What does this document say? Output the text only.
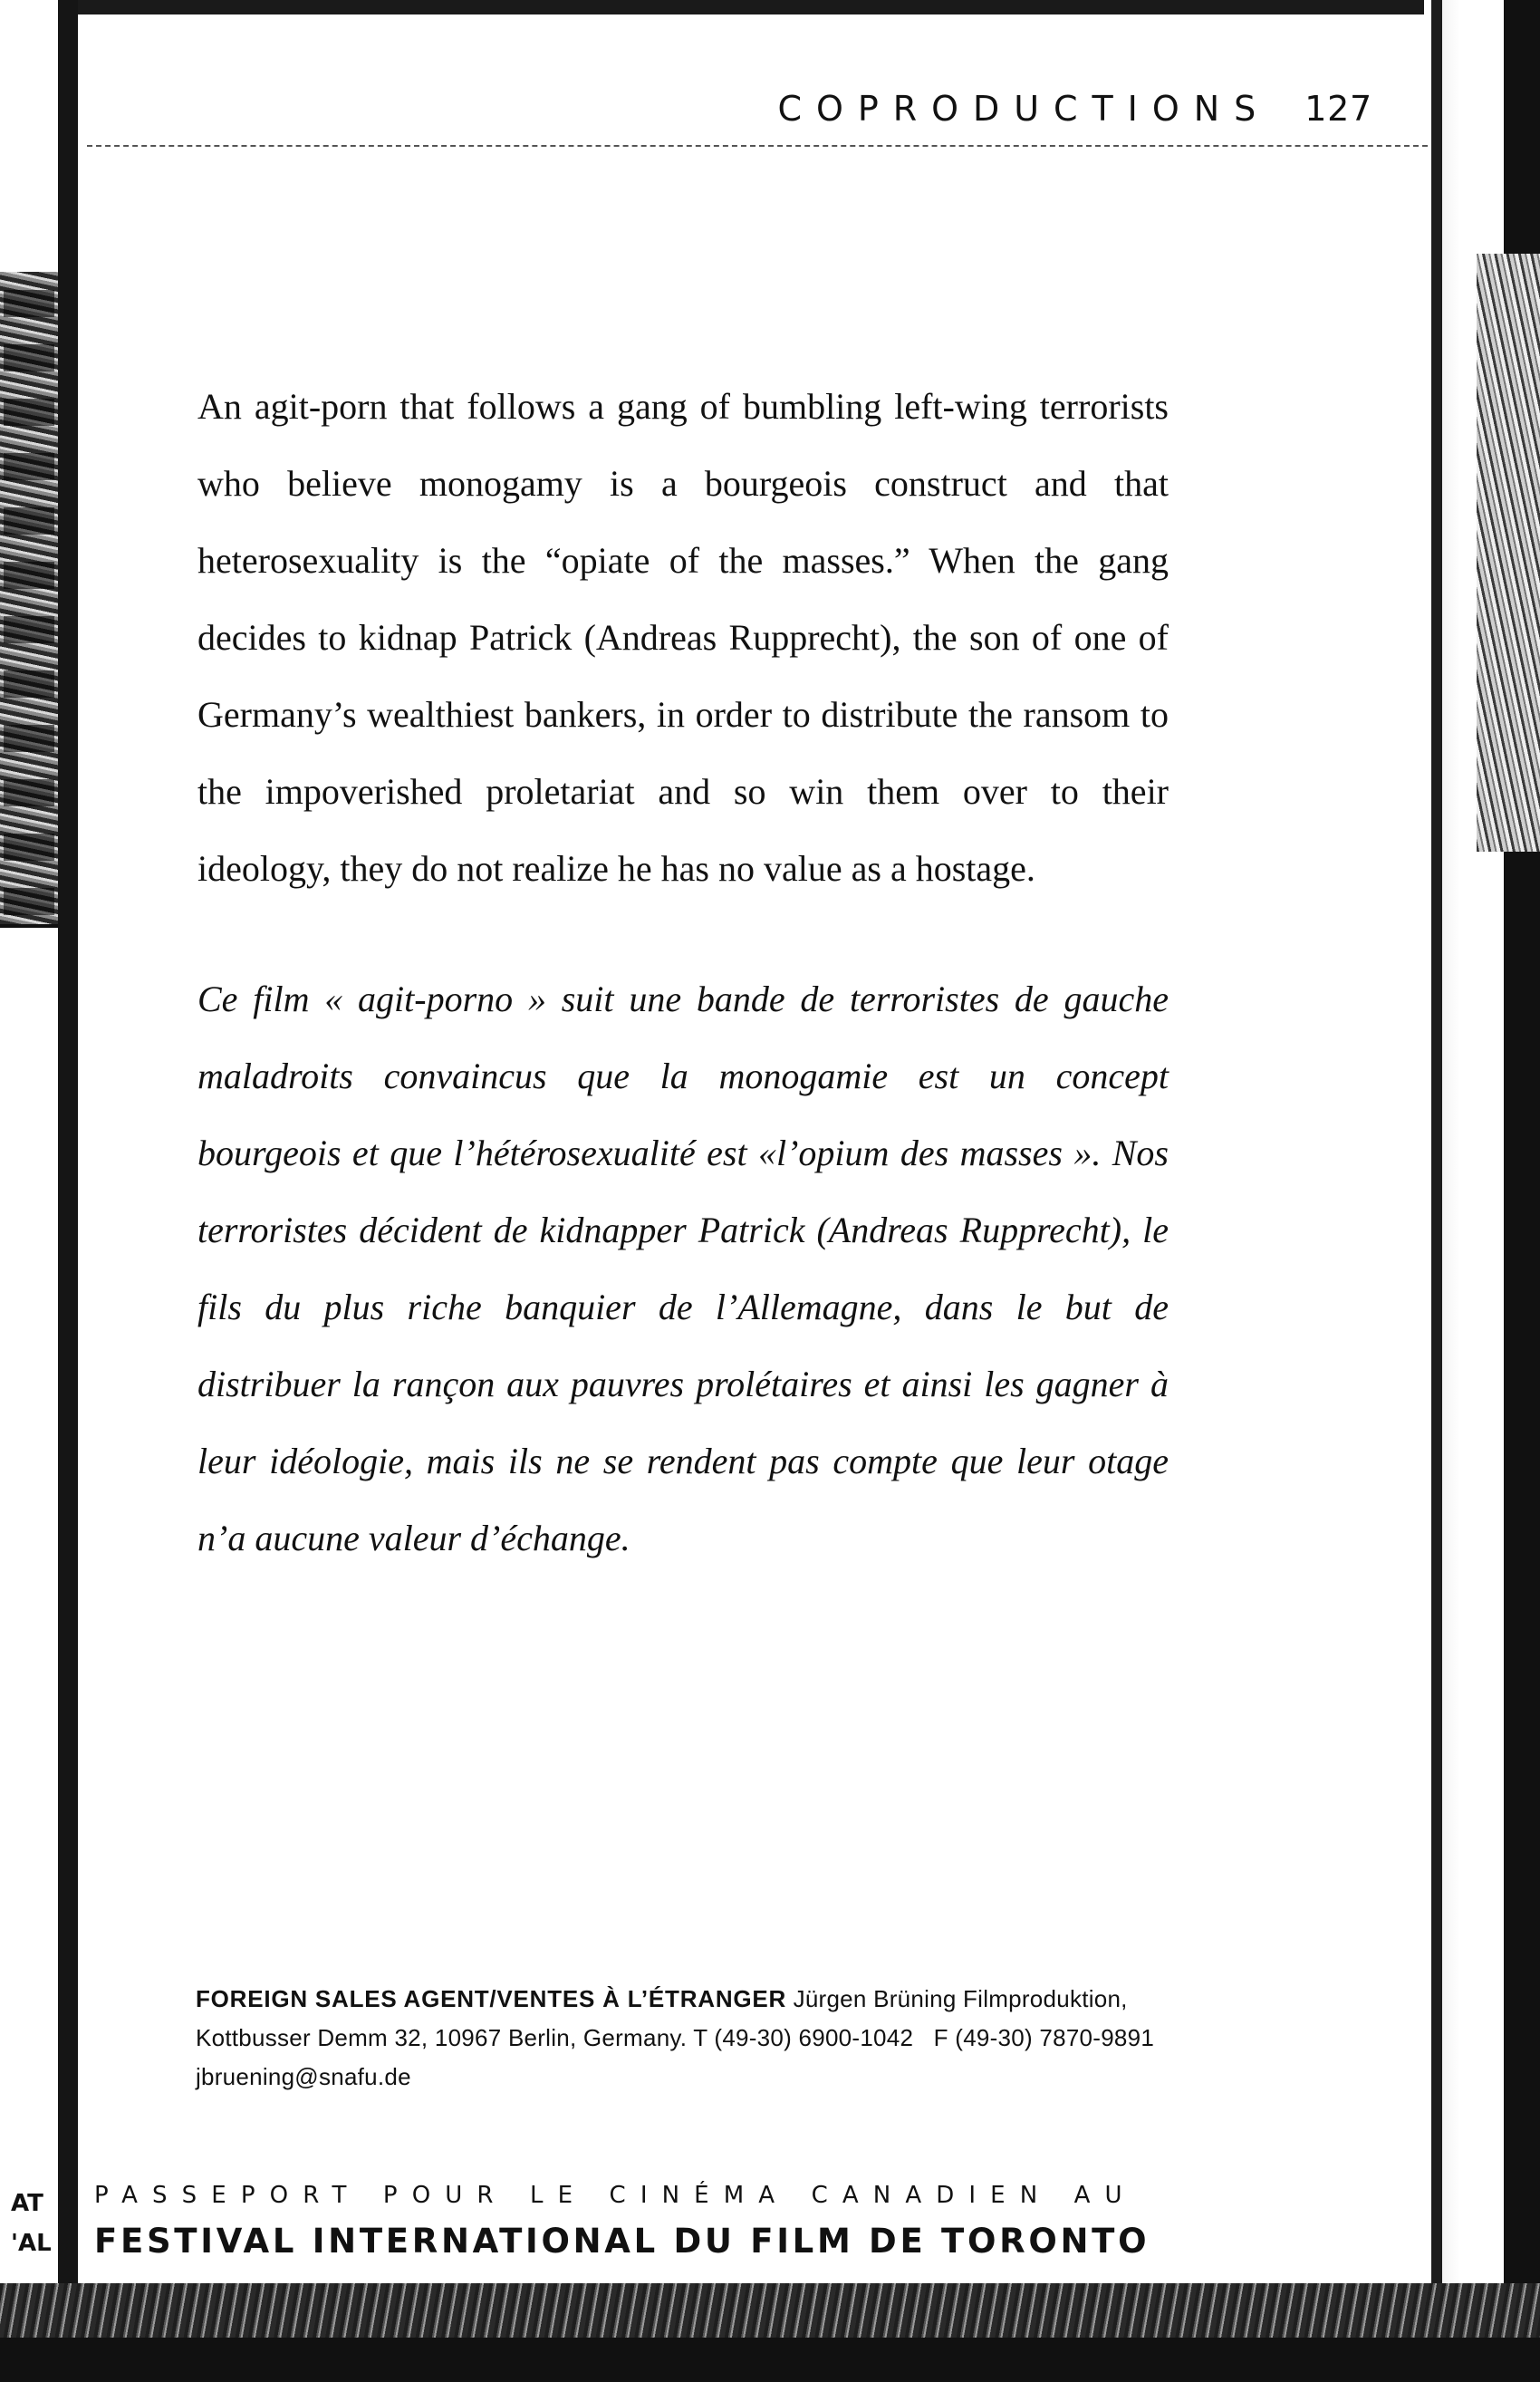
COPRODUCTIONS 127

An agit-porn that follows a gang of bumbling left-wing terrorists who believe monogamy is a bourgeois construct and that heterosexuality is the “opiate of the masses.” When the gang decides to kidnap Patrick (Andreas Rupprecht), the son of one of Germany’s wealthiest bankers, in order to distribute the ransom to the impoverished proletariat and so win them over to their ideology, they do not realize he has no value as a hostage.

Ce film « agit-porno » suit une bande de terroristes de gauche maladroits convaincus que la monogamie est un concept bourgeois et que l’hétérosexualité est «l’opium des masses ». Nos terroristes décident de kidnapper Patrick (Andreas Rupprecht), le fils du plus riche banquier de l’Allemagne, dans le but de distribuer la rançon aux pauvres prolétaires et ainsi les gagner à leur idéologie, mais ils ne se rendent pas compte que leur otage n’a aucune valeur d’échange.

FOREIGN SALES AGENT/VENTES À L’ÉTRANGER Jürgen Brüning Filmproduktion,
Kottbusser Demm 32, 10967 Berlin, Germany. T (49-30) 6900-1042 F (49-30) 7870-9891
jbruening@snafu.de

AT
'AL
PASSEPORT POUR LE CINÉMA CANADIEN AU
FESTIVAL INTERNATIONAL DU FILM DE TORONTO
